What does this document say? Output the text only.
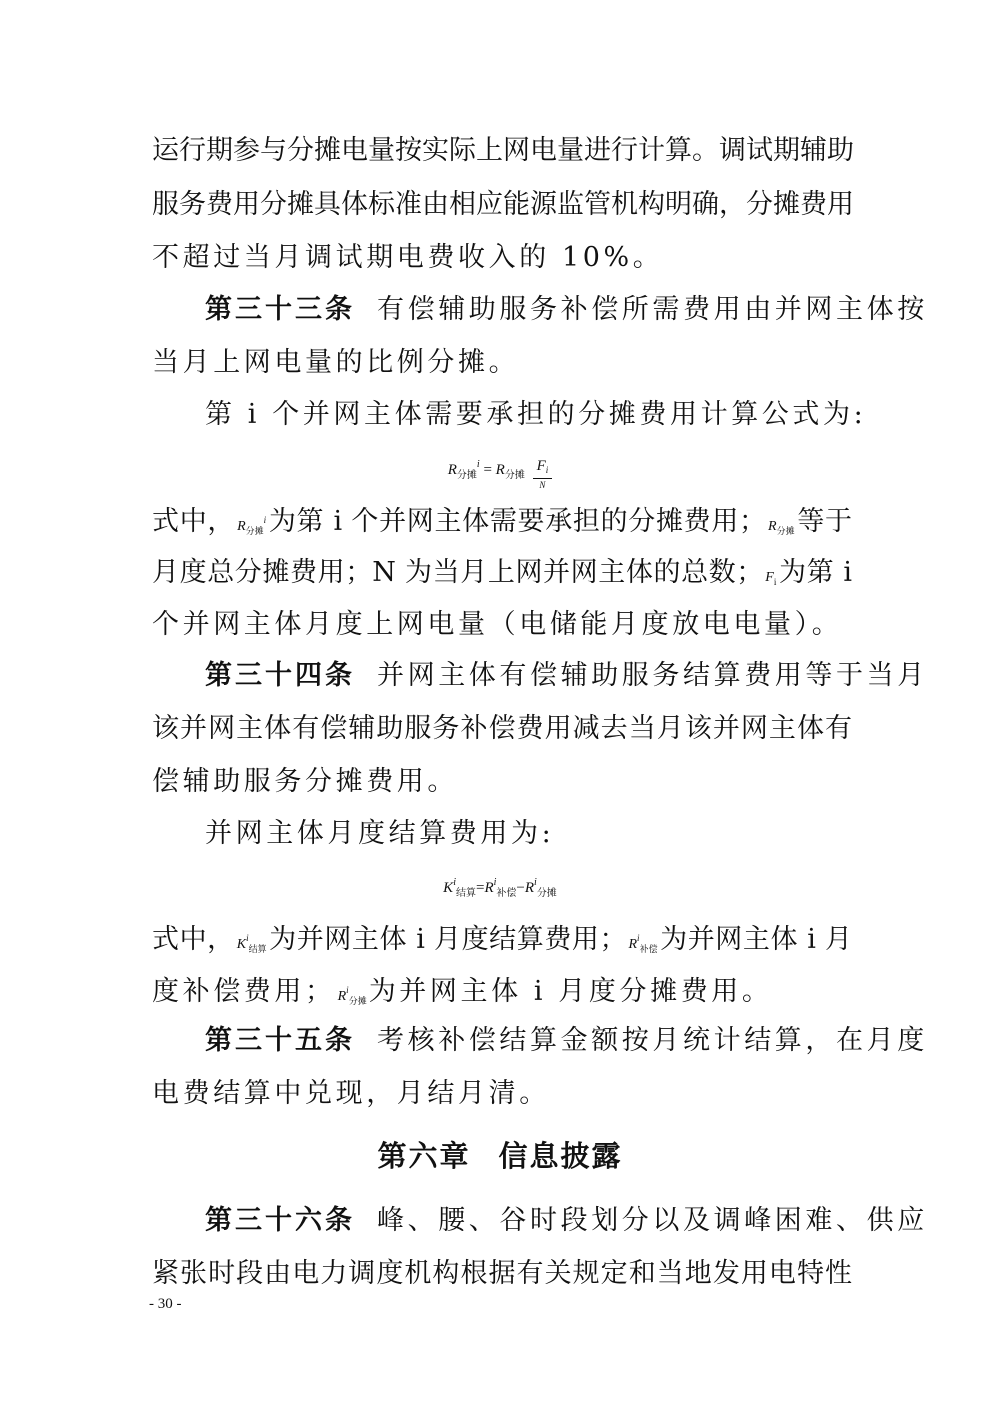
运行期参与分摊电量按实际上网电量进行计算。调试期辅助
服务费用分摊具体标准由相应能源监管机构明确，分摊费用
不超过当月调试期电费收入的 10%。
第三十三条 有偿辅助服务补偿所需费用由并网主体按
当月上网电量的比例分摊。
第 i 个并网主体需要承担的分摊费用计算公式为:
$R_{分摊}^i = R_{分摊} \frac{F_i}{N}$
式中， $R_{分摊}^i$为第 i 个并网主体需要承担的分摊费用； $R_{分摊}$等于
月度总分摊费用；N 为当月上网并网主体的总数； $F_i$为第 i
个并网主体月度上网电量（电储能月度放电电量）。
第三十四条 并网主体有偿辅助服务结算费用等于当月
该并网主体有偿辅助服务补偿费用减去当月该并网主体有
偿辅助服务分摊费用。
并网主体月度结算费用为:
$K^i_{结算}=R^i_{补偿}-R^i_{分摊}$
式中， $K^i_{结算}$为并网主体 i 月度结算费用； $R^i_{补偿}$为并网主体 i 月
度补偿费用； $R^i_{分摊}$为并网主体 i 月度分摊费用。
第三十五条 考核补偿结算金额按月统计结算，在月度
电费结算中兑现，月结月清。
第六章 信息披露
第三十六条 峰、腰、谷时段划分以及调峰困难、供应
紧张时段由电力调度机构根据有关规定和当地发用电特性
- 30 -
